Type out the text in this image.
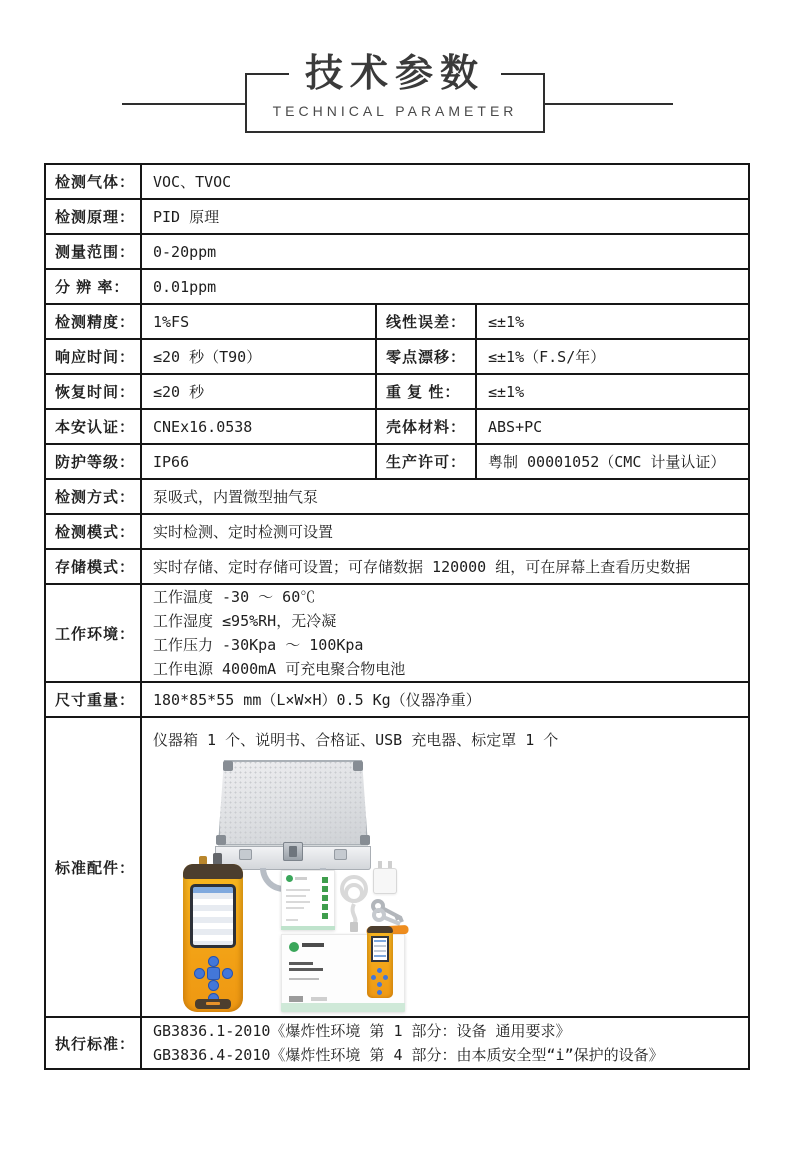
技术参数
TECHNICAL PARAMETER
检测气体：	VOC、TVOC		
检测原理：	PID 原理		
测量范围：	0-20ppm		
分 辨 率：	0.01ppm		
检测精度：	1%FS	线性误差：	≤±1%
响应时间：	≤20 秒（T90）	零点漂移：	≤±1%（F.S/年）
恢复时间：	≤20 秒	重 复 性：	≤±1%
本安认证：	CNEx16.0538	壳体材料：	ABS+PC
防护等级：	IP66	生产许可：	粤制 00001052（CMC 计量认证）
检测方式：	泵吸式，内置微型抽气泵		
检测模式：	实时检测、定时检测可设置		
存储模式：	实时存储、定时存储可设置；可存储数据 120000 组，可在屏幕上查看历史数据		
工作环境：	工作温度 -30 ～ 60℃
工作湿度 ≤95%RH，无冷凝
工作压力 -30Kpa ～ 100Kpa
工作电源 4000mA 可充电聚合物电池		

尺寸重量：	180*85*55 mm（L×W×H）0.5 Kg（仪器净重）		
标准配件：	仪器箱 1 个、说明书、合格证、USB 充电器、标定罩 1 个		

执行标准：	GB3836.1-2010《爆炸性环境 第 1 部分：设备 通用要求》
GB3836.4-2010《爆炸性环境 第 4 部分：由本质安全型“i”保护的设备》		
